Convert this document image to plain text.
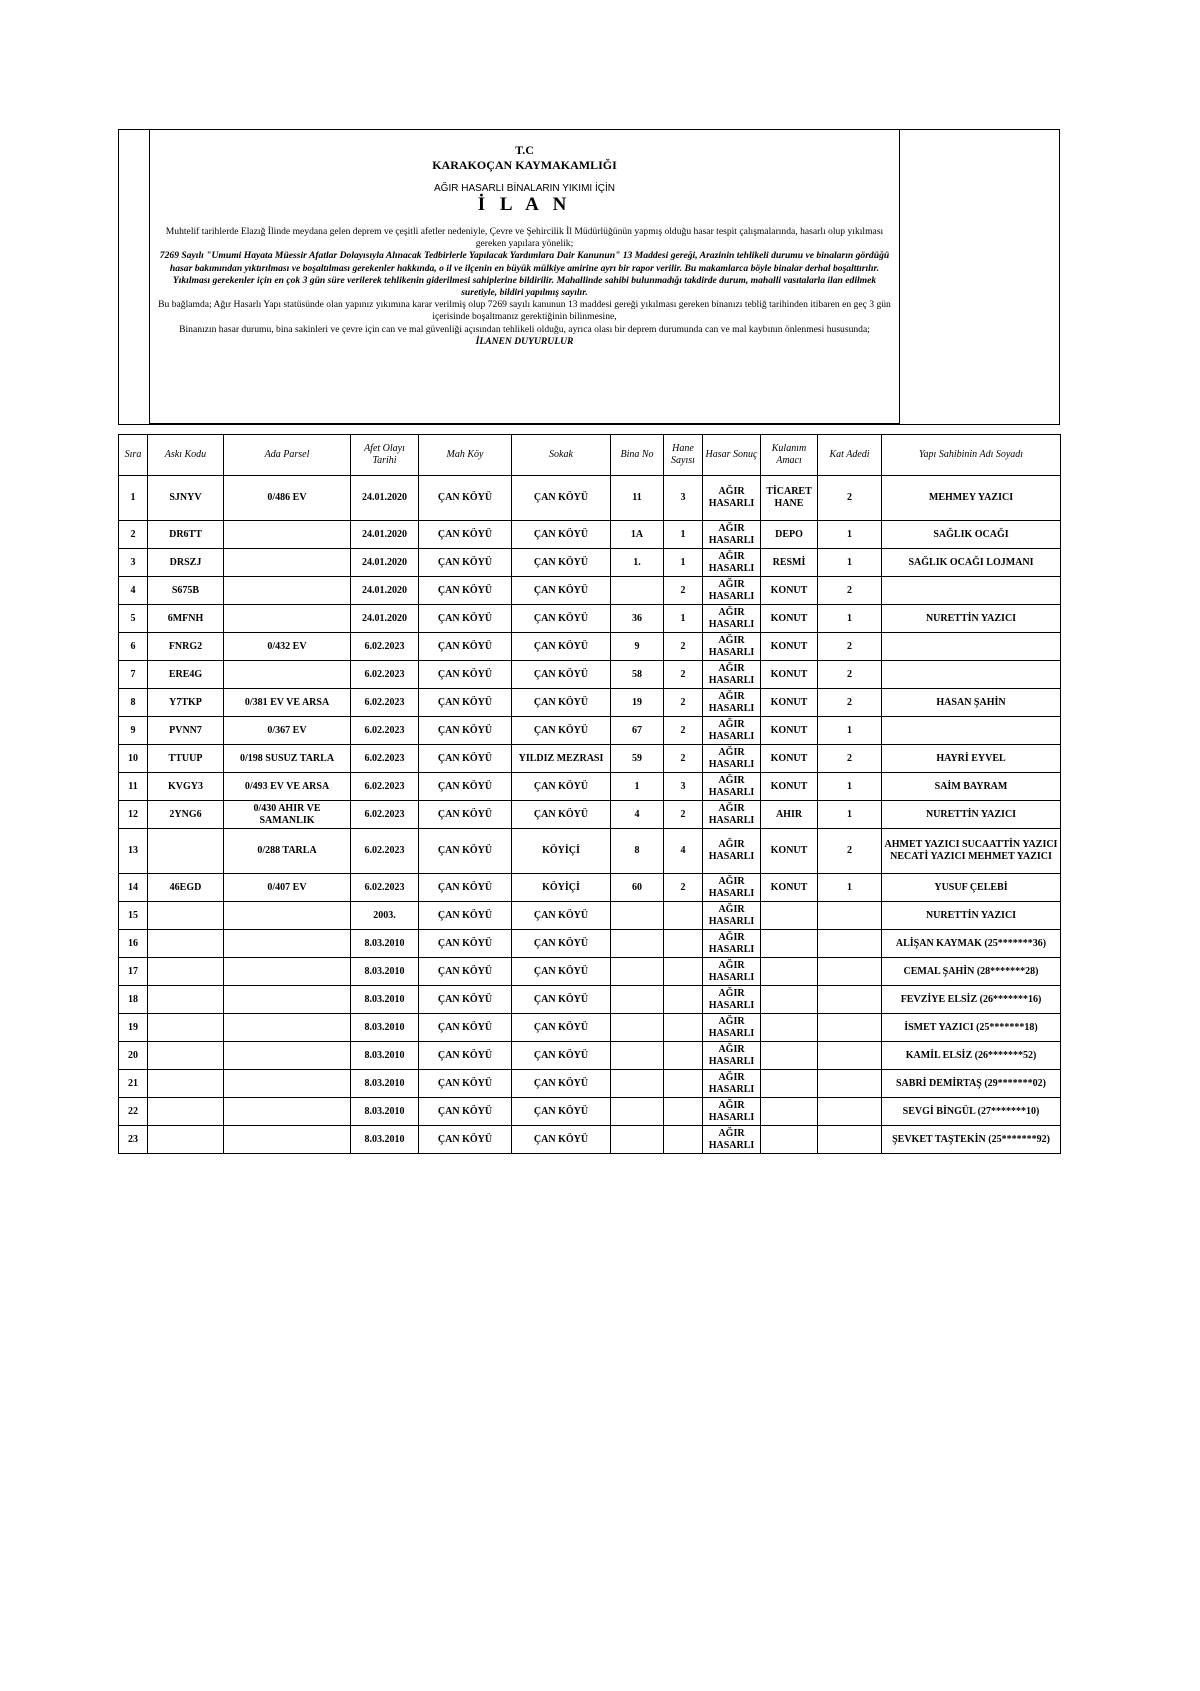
T.C
KARAKOÇAN KAYMAKAMLIĞI
AĞIR HASARLI BİNALARIN YIKIMI İÇİN
İ L A N
Muhtelif tarihlerde Elazığ İlinde meydana gelen deprem ve çeşitli afetler nedeniyle, Çevre ve Şehircilik İl Müdürlüğünün yapmış olduğu hasar tespit çalışmalarında, hasarlı olup yıkılması gereken yapılara yönelik;
7269 Sayılı "Umumi Hayata Müessir Afatlar Dolayısıyla Alınacak Tedbirlerle Yapılacak Yardımlara Dair Kanunun" 13 Maddesi gereği, Arazinin tehlikeli durumu ve binaların gördüğü hasar bakımından yıktırılması ve boşaltılması gerekenler hakkında, o il ve ilçenin en büyük mülkiye amirine ayrı bir rapor verilir. Bu makamlarca böyle binalar derhal boşalttırılır. Yıkılması gerekenler için en çok 3 gün süre verilerek tehlikenin giderilmesi sahiplerine bildirilir. Mahallinde sahibi bulunmadığı takdirde durum, mahalli vasıtalarla ilan edilmek suretiyle, bildiri yapılmış sayılır.
Bu bağlamda; Ağır Hasarlı Yapı statüsünde olan yapınız yıkımına karar verilmiş olup 7269 sayılı kanunun 13 maddesi gereği yıkılması gereken binanızı tebliğ tarihinden itibaren en geç 3 gün içerisinde boşaltmanız gerektiğinin bilinmesine,
Binanızın hasar durumu, bina sakinleri ve çevre için can ve mal güvenliği açısından tehlikeli olduğu, ayrıca olası bir deprem durumunda can ve mal kaybının önlenmesi hususunda;
İLANEN DUYURULUR
Sıra	Askı Kodu	Ada Parsel	Afet Olayı Tarihi	Mah Köy	Sokak	Bina No	Hane Sayısı	Hasar Sonuç	Kulanım Amacı	Kat Adedi	Yapı Sahibinin Adı Soyadı
1	SJNYV	0/486 EV	24.01.2020	ÇAN KÖYÜ	ÇAN KÖYÜ	11	3	AĞIR HASARLI	TİCARET HANE	2	MEHMEY YAZICI
2	DR6TT		24.01.2020	ÇAN KÖYÜ	ÇAN KÖYÜ	1A	1	AĞIR HASARLI	DEPO	1	SAĞLIK OCAĞI
3	DRSZJ		24.01.2020	ÇAN KÖYÜ	ÇAN KÖYÜ	1.	1	AĞIR HASARLI	RESMİ	1	SAĞLIK OCAĞI LOJMANI
4	S675B		24.01.2020	ÇAN KÖYÜ	ÇAN KÖYÜ		2	AĞIR HASARLI	KONUT	2	
5	6MFNH		24.01.2020	ÇAN KÖYÜ	ÇAN KÖYÜ	36	1	AĞIR HASARLI	KONUT	1	NURETTİN YAZICI
6	FNRG2	0/432 EV	6.02.2023	ÇAN KÖYÜ	ÇAN KÖYÜ	9	2	AĞIR HASARLI	KONUT	2	
7	ERE4G		6.02.2023	ÇAN KÖYÜ	ÇAN KÖYÜ	58	2	AĞIR HASARLI	KONUT	2	
8	Y7TKP	0/381 EV VE ARSA	6.02.2023	ÇAN KÖYÜ	ÇAN KÖYÜ	19	2	AĞIR HASARLI	KONUT	2	HASAN ŞAHİN
9	PVNN7	0/367 EV	6.02.2023	ÇAN KÖYÜ	ÇAN KÖYÜ	67	2	AĞIR HASARLI	KONUT	1	
10	TTUUP	0/198 SUSUZ TARLA	6.02.2023	ÇAN KÖYÜ	YILDIZ MEZRASI	59	2	AĞIR HASARLI	KONUT	2	HAYRİ EYVEL
11	KVGY3	0/493 EV VE ARSA	6.02.2023	ÇAN KÖYÜ	ÇAN KÖYÜ	1	3	AĞIR HASARLI	KONUT	1	SAİM BAYRAM
12	2YNG6	0/430 AHIR VE SAMANLIK	6.02.2023	ÇAN KÖYÜ	ÇAN KÖYÜ	4	2	AĞIR HASARLI	AHIR	1	NURETTİN YAZICI
13		0/288 TARLA	6.02.2023	ÇAN KÖYÜ	KÖYİÇİ	8	4	AĞIR HASARLI	KONUT	2	AHMET YAZICI SUCAATTİN YAZICI NECATİ YAZICI MEHMET YAZICI
14	46EGD	0/407 EV	6.02.2023	ÇAN KÖYÜ	KÖYİÇİ	60	2	AĞIR HASARLI	KONUT	1	YUSUF ÇELEBİ
15			2003.	ÇAN KÖYÜ	ÇAN KÖYÜ			AĞIR HASARLI			NURETTİN YAZICI
16			8.03.2010	ÇAN KÖYÜ	ÇAN KÖYÜ			AĞIR HASARLI			ALİŞAN KAYMAK (25*******36)
17			8.03.2010	ÇAN KÖYÜ	ÇAN KÖYÜ			AĞIR HASARLI			CEMAL ŞAHİN (28*******28)
18			8.03.2010	ÇAN KÖYÜ	ÇAN KÖYÜ			AĞIR HASARLI			FEVZİYE ELSİZ (26*******16)
19			8.03.2010	ÇAN KÖYÜ	ÇAN KÖYÜ			AĞIR HASARLI			İSMET YAZICI (25*******18)
20			8.03.2010	ÇAN KÖYÜ	ÇAN KÖYÜ			AĞIR HASARLI			KAMİL ELSİZ (26*******52)
21			8.03.2010	ÇAN KÖYÜ	ÇAN KÖYÜ			AĞIR HASARLI			SABRİ DEMİRTAŞ (29*******02)
22			8.03.2010	ÇAN KÖYÜ	ÇAN KÖYÜ			AĞIR HASARLI			SEVGİ BİNGÜL (27*******10)
23			8.03.2010	ÇAN KÖYÜ	ÇAN KÖYÜ			AĞIR HASARLI			ŞEVKET TAŞTEKİN (25*******92)
